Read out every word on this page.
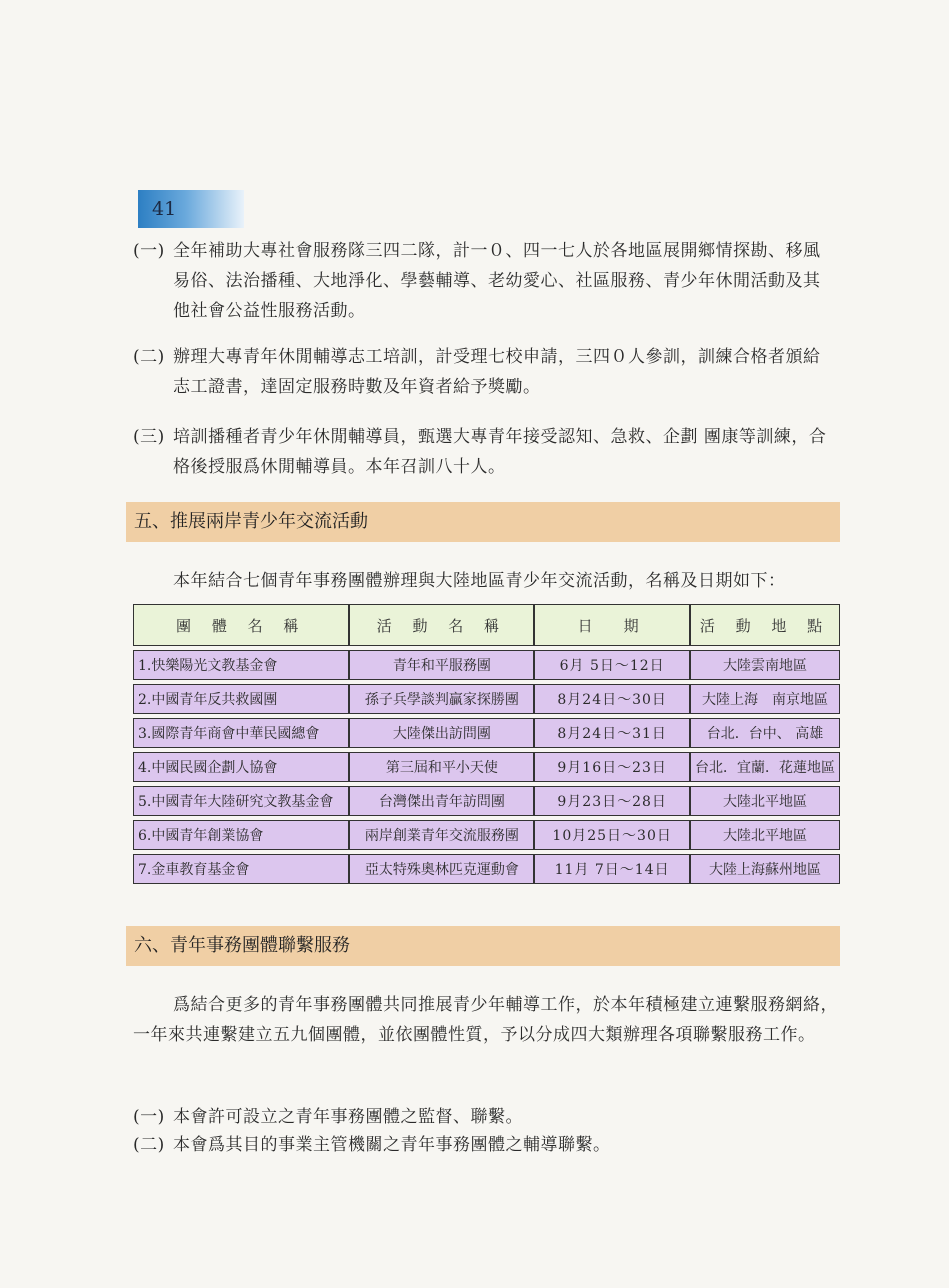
41
(一) 全年補助大專社會服務隊三四二隊，計一０、四一七人於各地區展開鄉情探勘、移風易俗、法治播種、大地淨化、學藝輔導、老幼愛心、社區服務、青少年休閒活動及其他社會公益性服務活動。
(二) 辦理大專青年休閒輔導志工培訓，計受理七校申請，三四０人參訓，訓練合格者頒給志工證書，達固定服務時數及年資者給予獎勵。
(三) 培訓播種者青少年休閒輔導員，甄選大專青年接受認知、急救、企劃 團康等訓練，合格後授服爲休閒輔導員。本年召訓八十人。
五、推展兩岸青少年交流活動
本年結合七個青年事務團體辦理與大陸地區青少年交流活動，名稱及日期如下：
團 體 名 稱	活 動 名 稱	日　期	活 動 地 點
1.快樂陽光文教基金會	青年和平服務團	6月 5日～12日	大陸雲南地區
2.中國青年反共救國團	孫子兵學談判贏家探勝團	8月24日～30日	大陸上海　南京地區
3.國際青年商會中華民國總會	大陸傑出訪問團	8月24日～31日	台北．台中、 高雄
4.中國民國企劃人協會	第三屆和平小天使	9月16日～23日	台北．宜蘭．花蓮地區
5.中國青年大陸研究文教基金會	台灣傑出青年訪問團	9月23日～28日	大陸北平地區
6.中國青年創業協會	兩岸創業青年交流服務團	10月25日～30日	大陸北平地區
7.金車教育基金會	亞太特殊奧林匹克運動會	11月 7日～14日	大陸上海蘇州地區
六、青年事務團體聯繫服務
爲結合更多的青年事務團體共同推展青少年輔導工作，於本年積極建立連繫服務網絡，一年來共連繫建立五九個團體，並依團體性質，予以分成四大類辦理各項聯繫服務工作。
(一) 本會許可設立之青年事務團體之監督、聯繫。
(二) 本會爲其目的事業主管機關之青年事務團體之輔導聯繫。
